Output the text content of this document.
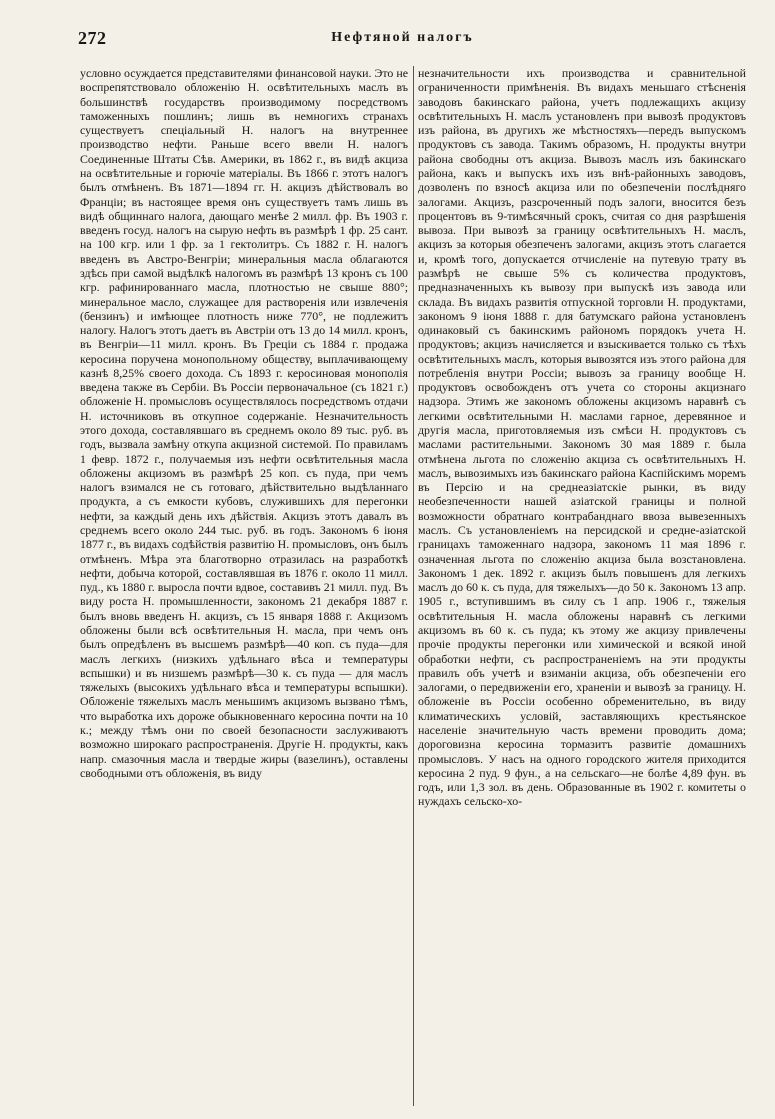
272	Нефтяной налогъ
условно осуждается представителями финансовой науки. Это не воспрепятствовало обложенію Н. освѣтительныхъ маслъ въ большинствѣ государствъ производимому посредствомъ таможенныхъ пошлинъ; лишь въ немногихъ странахъ существуетъ спеціальный Н. налогъ на внутреннее производство нефти. Раньше всего ввели Н. налогъ Соединенные Штаты Сѣв. Америки, въ 1862 г., въ видѣ акциза на освѣтительные и горючіе матеріалы. Въ 1866 г. этотъ налогъ былъ отмѣненъ. Въ 1871—1894 гг. Н. акцизъ дѣйствовалъ во Франціи; въ настоящее время онъ существуетъ тамъ лишь въ видѣ общиннаго налога, дающаго менѣе 2 милл. фр. Въ 1903 г. введенъ госуд. налогъ на сырую нефть въ размѣрѣ 1 фр. 25 сант. на 100 кгр. или 1 фр. за 1 гектолитръ. Съ 1882 г. Н. налогъ введенъ въ Австро-Венгріи; минеральныя масла облагаются здѣсь при самой выдѣлкѣ налогомъ въ размѣрѣ 13 кронъ съ 100 кгр. рафинированнаго масла, плотностью не свыше 880°; минеральное масло, служащее для растворенія или извлеченія (бензинъ) и имѣющее плотность ниже 770°, не подлежитъ налогу. Налогъ этотъ даетъ въ Австріи отъ 13 до 14 милл. кронъ, въ Венгріи—11 милл. кронъ. Въ Греціи съ 1884 г. продажа керосина поручена монопольному обществу, выплачивающему казнѣ 8,25% своего дохода. Съ 1893 г. керосиновая монополія введена также въ Сербіи. Въ Россіи первоначальное (съ 1821 г.) обложеніе Н. промысловъ осуществлялось посредствомъ отдачи Н. источниковъ въ откупное содержаніе. Незначительность этого дохода, составлявшаго въ среднемъ около 89 тыс. руб. въ годъ, вызвала замѣну откупа акцизной системой. По правиламъ 1 февр. 1872 г., получаемыя изъ нефти освѣтительныя масла обложены акцизомъ въ размѣрѣ 25 коп. съ пуда, при чемъ налогъ взимался не съ готоваго, дѣйствительно выдѣланнаго продукта, а съ емкости кубовъ, служившихъ для перегонки нефти, за каждый день ихъ дѣйствія. Акцизъ этотъ давалъ въ среднемъ всего около 244 тыс. руб. въ годъ. Закономъ 6 іюня 1877 г., въ видахъ содѣйствія развитію Н. промысловъ, онъ былъ отмѣненъ. Мѣра эта благотворно отразилась на разработкѣ нефти, добыча которой, составлявшая въ 1876 г. около 11 милл. пуд., къ 1880 г. выросла почти вдвое, составивъ 21 милл. пуд. Въ виду роста Н. промышленности, закономъ 21 декабря 1887 г. былъ вновь введенъ Н. акцизъ, съ 15 января 1888 г. Акцизомъ обложены были всѣ освѣтительныя Н. масла, при чемъ онъ былъ опредѣленъ въ высшемъ размѣрѣ—40 коп. съ пуда—для маслъ легкихъ (низкихъ удѣльнаго вѣса и температуры вспышки) и въ низшемъ размѣрѣ—30 к. съ пуда — для маслъ тяжелыхъ (высокихъ удѣльнаго вѣса и температуры вспышки). Обложеніе тяжелыхъ маслъ меньшимъ акцизомъ вызвано тѣмъ, что выработка ихъ дороже обыкновеннаго керосина почти на 10 к.; между тѣмъ они по своей безопасности заслуживаютъ возможно широкаго распространенія. Другіе Н. продукты, какъ напр. смазочныя масла и твердые жиры (вазелинъ), оставлены свободными отъ обложенія, въ виду
незначительности ихъ производства и сравнительной ограниченности примѣненія. Въ видахъ меньшаго стѣсненія заводовъ бакинскаго района, учетъ подлежащихъ акцизу освѣтительныхъ Н. маслъ установленъ при вывозѣ продуктовъ изъ района, въ другихъ же мѣстностяхъ—передъ выпускомъ продуктовъ съ завода. Такимъ образомъ, Н. продукты внутри района свободны отъ акциза. Вывозъ маслъ изъ бакинскаго района, какъ и выпускъ ихъ изъ внѣ-районныхъ заводовъ, дозволенъ по взносѣ акциза или по обезпеченіи послѣдняго залогами. Акцизъ, разсроченный подъ залоги, вносится безъ процентовъ въ 9-тимѣсячный срокъ, считая со дня разрѣшенія вывоза. При вывозѣ за границу освѣтительныхъ Н. маслъ, акцизъ за которыя обезпеченъ залогами, акцизъ этотъ слагается и, кромѣ того, допускается отчисленіе на путевую трату въ размѣрѣ не свыше 5% съ количества продуктовъ, предназначенныхъ къ вывозу при выпускѣ изъ завода или склада. Въ видахъ развитія отпускной торговли Н. продуктами, закономъ 9 іюня 1888 г. для батумскаго района установленъ одинаковый съ бакинскимъ райономъ порядокъ учета Н. продуктовъ; акцизъ начисляется и взыскивается только съ тѣхъ освѣтительныхъ маслъ, которыя вывозятся изъ этого района для потребленія внутри Россіи; вывозъ за границу вообще Н. продуктовъ освобожденъ отъ учета со стороны акцизнаго надзора. Этимъ же закономъ обложены акцизомъ наравнѣ съ легкими освѣтительными Н. маслами гарное, деревянное и другія масла, приготовляемыя изъ смѣси Н. продуктовъ съ маслами растительными. Закономъ 30 мая 1889 г. была отмѣнена льгота по сложенію акциза съ освѣтительныхъ Н. маслъ, вывозимыхъ изъ бакинскаго района Каспійскимъ моремъ въ Персію и на среднеазіатскіе рынки, въ виду необезпеченности нашей азіатской границы и полной возможности обратнаго контрабанднаго ввоза вывезенныхъ маслъ. Съ установленіемъ на персидской и средне-азіатской границахъ таможеннаго надзора, закономъ 11 мая 1896 г. означенная льгота по сложенію акциза была возстановлена. Закономъ 1 дек. 1892 г. акцизъ былъ повышенъ для легкихъ маслъ до 60 к. съ пуда, для тяжелыхъ—до 50 к. Закономъ 13 апр. 1905 г., вступившимъ въ силу съ 1 апр. 1906 г., тяжелыя освѣтительныя Н. масла обложены наравнѣ съ легкими акцизомъ въ 60 к. съ пуда; къ этому же акцизу привлечены прочіе продукты перегонки или химической и всякой иной обработки нефти, съ распространеніемъ на эти продукты правилъ объ учетѣ и взиманіи акциза, объ обезпеченіи его залогами, о передвиженіи его, храненіи и вывозѣ за границу. Н. обложеніе въ Россіи особенно обременительно, въ виду климатическихъ условій, заставляющихъ крестьянское населеніе значительную часть времени проводить дома; дороговизна керосина тормазитъ развитіе домашнихъ промысловъ. У насъ на одного городского жителя приходится керосина 2 пуд. 9 фун., а на сельскаго—не болѣе 4,89 фун. въ годъ, или 1,3 зол. въ день. Образованные въ 1902 г. комитеты о нуждахъ сельско-хо-
